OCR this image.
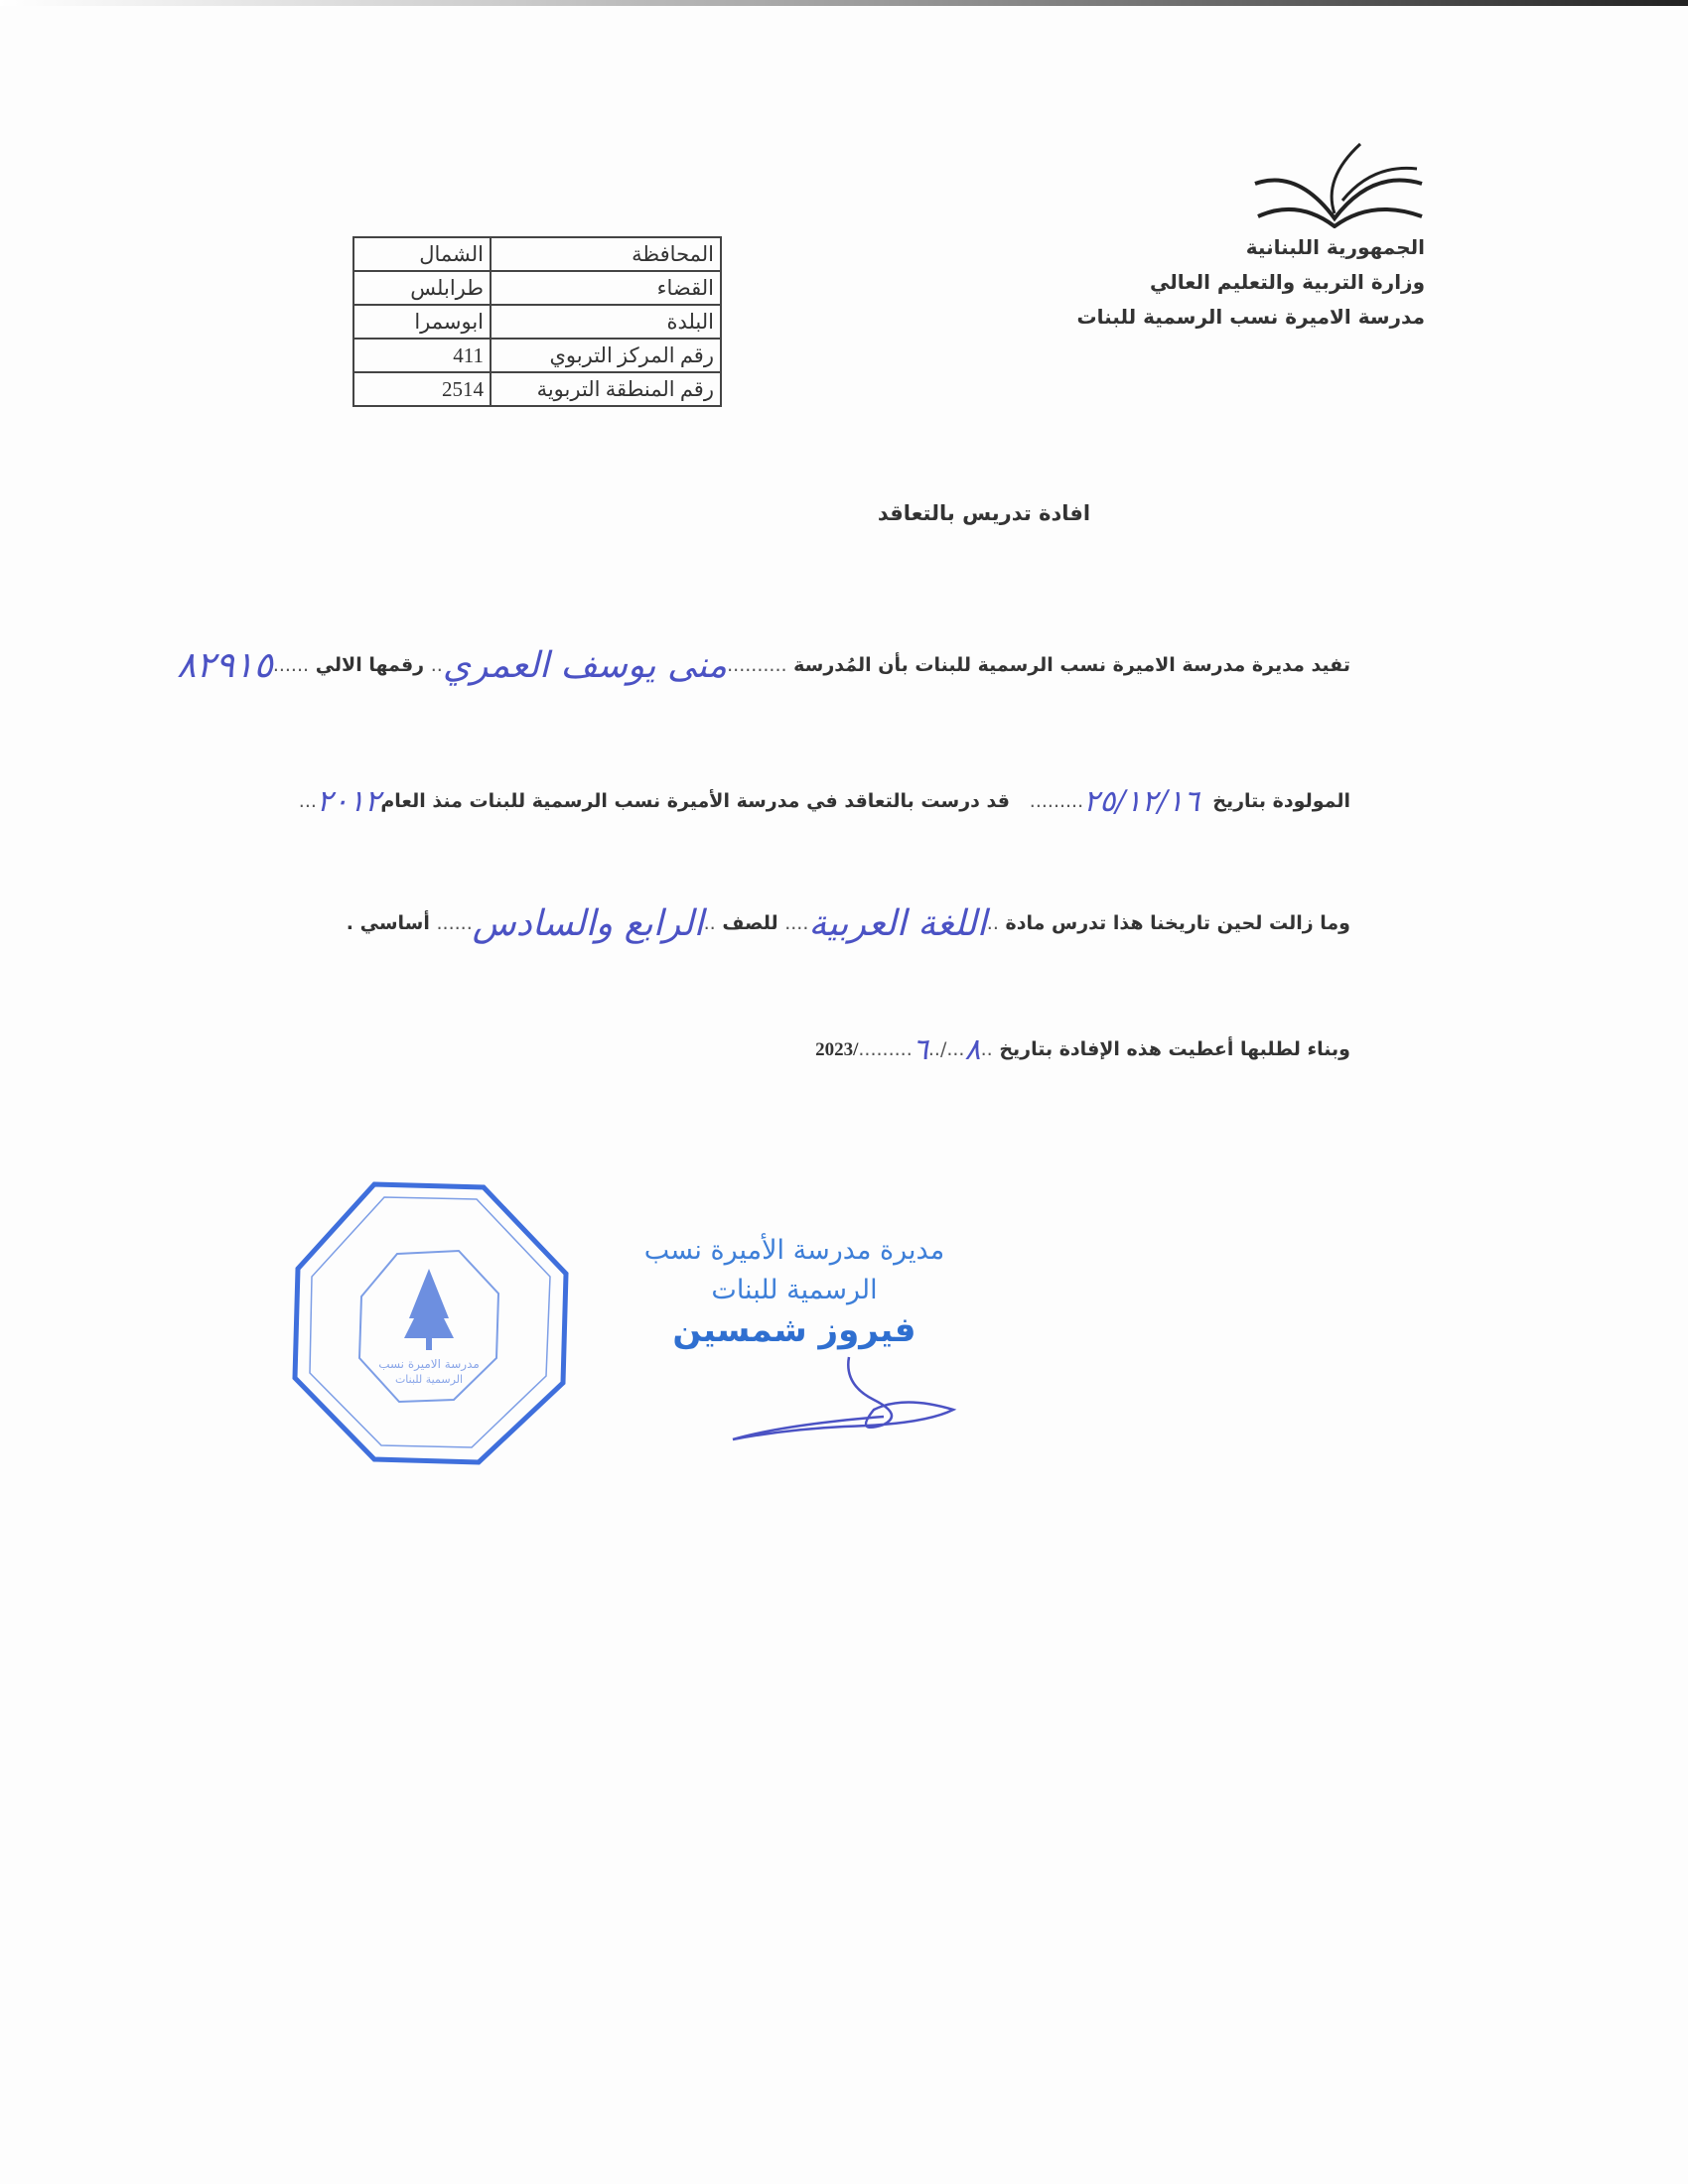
الجمهورية اللبنانية
وزارة التربية والتعليم العالي
مدرسة الاميرة نسب الرسمية للبنات
المحافظة	الشمال
القضاء	طرابلس
البلدة	ابوسمرا
رقم المركز التربوي	411
رقم المنطقة التربوية	2514
افادة تدريس بالتعاقد
تفيد مديرة مدرسة الاميرة نسب الرسمية للبنات بأن المُدرسة ..........منى يوسف العمري.. رقمها الالي ......٨٢٩١٥
المولودة بتاريخ  ٢٥/١٢/١٦.........   قد درست بالتعاقد في مدرسة الأميرة نسب الرسمية للبنات منذ العام٢٠١٢...
وما زالت لحين تاريخنا هذا تدرس مادة ..اللغة العربية.... للصف ..الرابع والسادس...... أساسي .
وبناء لطلبها أعطيت هذه الإفادة بتاريخ ..٨.../..٦........./2023
مدرسة الاميرة نسب
الرسمية للبنات
مديرة مدرسة الأميرة نسب
الرسمية للبنات
فيروز شمسين
